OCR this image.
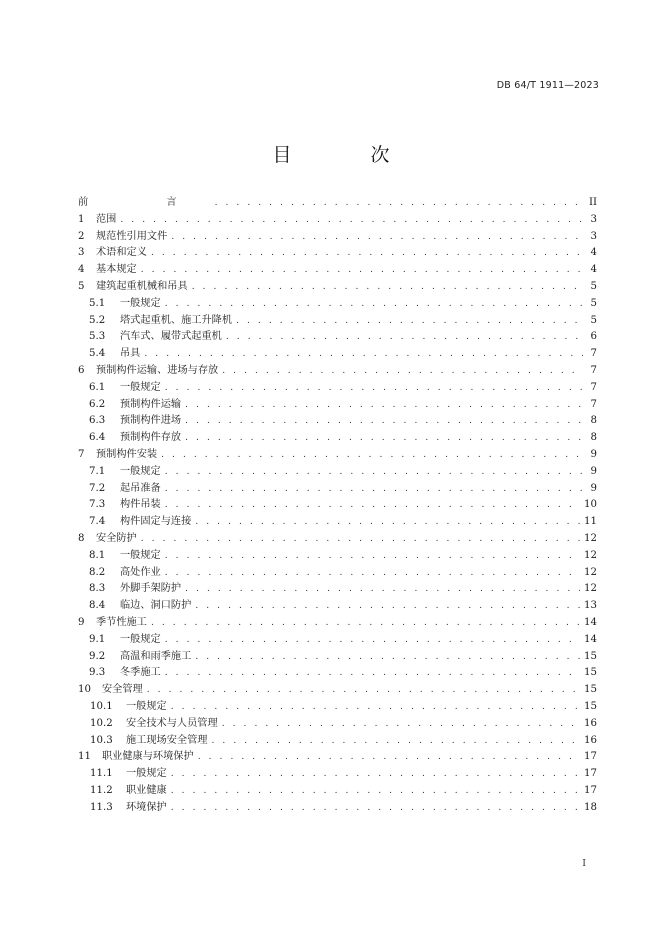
DB 64/T 1911—2023
目　次
前　言 . . .	II
1	范围 . . .	3
2	规范性引用文件 . . .	3
3	术语和定义 . . .	4
4	基本规定 . . .	4
5	建筑起重机械和吊具 . . .	5
5.1	一般规定 . . .	5
5.2	塔式起重机、施工升降机 . . .	5
5.3	汽车式、履带式起重机 . . .	6
5.4	吊具 . . .	7
6	预制构件运输、进场与存放 . . .	7
6.1	一般规定 . . .	7
6.2	预制构件运输 . . .	7
6.3	预制构件进场 . . .	8
6.4	预制构件存放 . . .	8
7	预制构件安装 . . .	9
7.1	一般规定 . . .	9
7.2	起吊准备 . . .	9
7.3	构件吊装 . . .	10
7.4	构件固定与连接 . . .	11
8	安全防护 . . .	12
8.1	一般规定 . . .	12
8.2	高处作业 . . .	12
8.3	外脚手架防护 . . .	12
8.4	临边、洞口防护 . . .	13
9	季节性施工 . . .	14
9.1	一般规定 . . .	14
9.2	高温和雨季施工 . . .	15
9.3	冬季施工 . . .	15
10	安全管理 . . .	15
10.1	一般规定 . . .	15
10.2	安全技术与人员管理 . . .	16
10.3	施工现场安全管理 . . .	16
11	职业健康与环境保护 . . .	17
11.1	一般规定 . . .	17
11.2	职业健康 . . .	17
11.3	环境保护 . . .	18
I
